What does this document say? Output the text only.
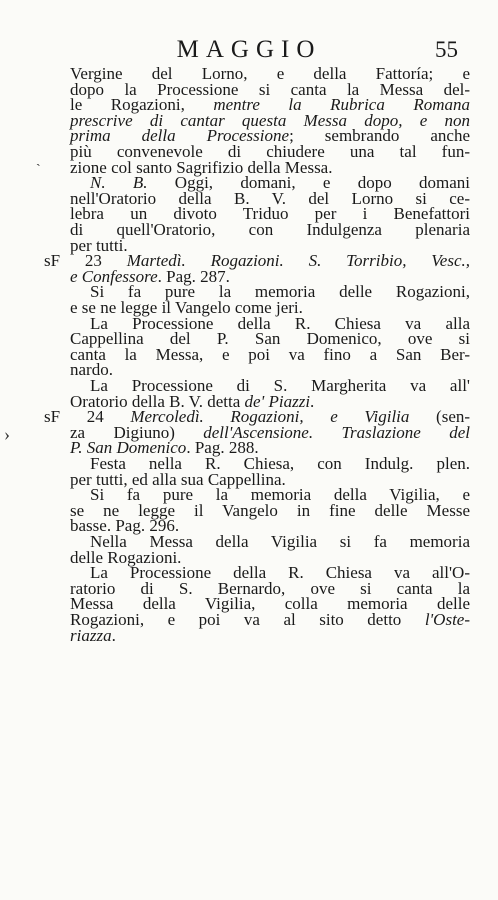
MAGGIO	55
›
ˎ
Vergine del Lorno, e della Fattoría; e
dopo la Processione si canta la Messa del-
le Rogazioni, mentre la Rubrica Romana
prescrive di cantar questa Messa dopo, e non
prima della Processione; sembrando anche
più convenevole di chiudere una tal fun-
zione col santo Sagrifizio della Messa.
N. B. Oggi, domani, e dopo domani
nell'Oratorio della B. V. del Lorno si ce-
lebra un divoto Triduo per i Benefattori
di quell'Oratorio, con Indulgenza plenaria
per tutti.
sF 23 Martedì. Rogazioni. S. Torribio, Vesc.,
e Confessore. Pag. 287.
Si fa pure la memoria delle Rogazioni,
e se ne legge il Vangelo come jeri.
La Processione della R. Chiesa va alla
Cappellina del P. San Domenico, ove si
canta la Messa, e poi va fino a San Ber-
nardo.
La Processione di S. Margherita va all'
Oratorio della B. V. detta de' Piazzi.
sF 24 Mercoledì. Rogazioni, e Vigilia (sen-
za Digiuno) dell'Ascensione. Traslazione del
P. San Domenico. Pag. 288.
Festa nella R. Chiesa, con Indulg. plen.
per tutti, ed alla sua Cappellina.
Si fa pure la memoria della Vigilia, e
se ne legge il Vangelo in fine delle Messe
basse. Pag. 296.
Nella Messa della Vigilia si fa memoria
delle Rogazioni.
La Processione della R. Chiesa va all'O-
ratorio di S. Bernardo, ove si canta la
Messa della Vigilia, colla memoria delle
Rogazioni, e poi va al sito detto l'Oste-
riazza.
